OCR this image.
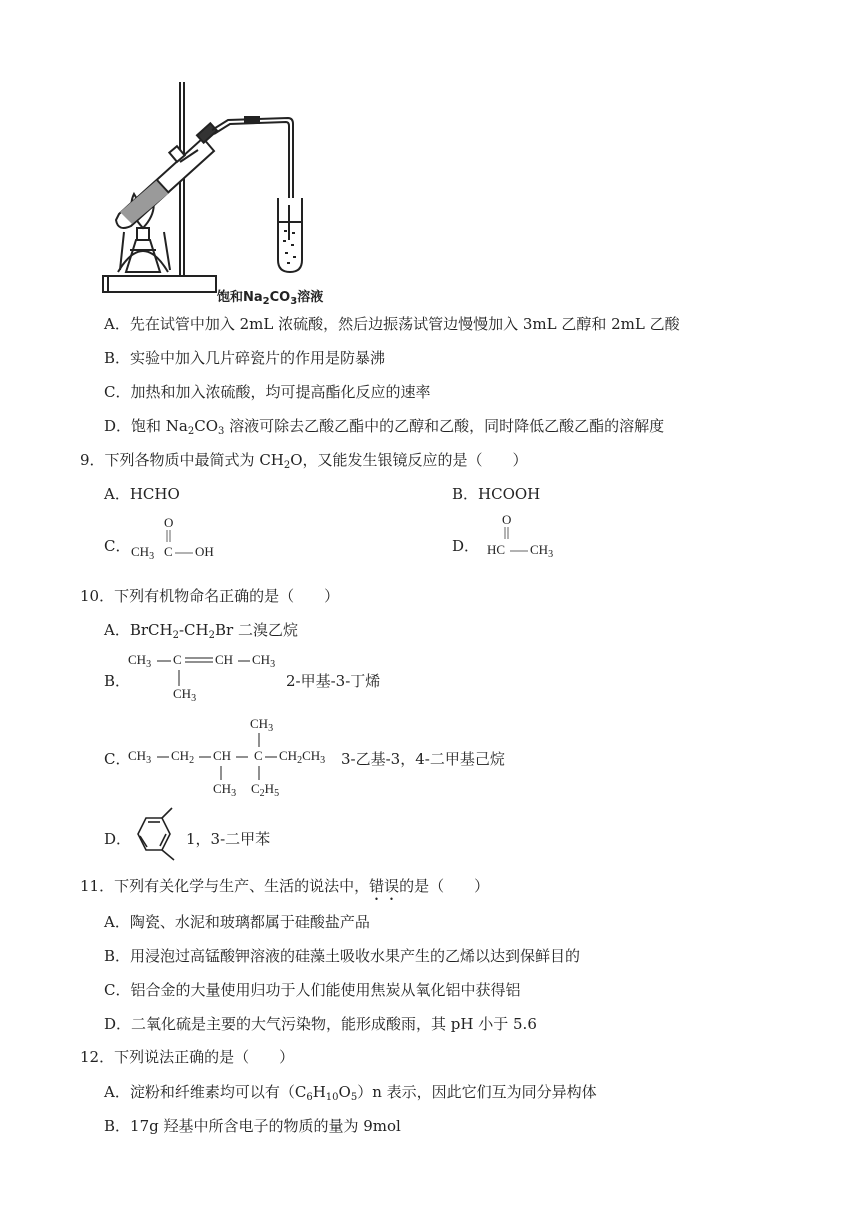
饱和$Na_2CO_3$溶液
A．先在试管中加入 2mL 浓硫酸，然后边振荡试管边慢慢加入 3mL 乙醇和 2mL 乙酸
B．实验中加入几片碎瓷片的作用是防暴沸
C．加热和加入浓硫酸，均可提高酯化反应的速率
D．饱和 $Na_2CO_3$ 溶液可除去乙酸乙酯中的乙醇和乙酸，同时降低乙酸乙酯的溶解度
9．下列各物质中最简式为 $CH_2O$，又能发生银镜反应的是（　　）
A．HCHO	B．HCOOH
C．
O
$CH_3$ C OH	D．
O
HC $CH_3$
10．下列有机物命名正确的是（　　）
A．$BrCH_2-CH_2Br$ 二溴乙烷
B．
$CH_3$ C	CH $CH_3$
$CH_3$
2-甲基-3-丁烯
C．
$CH_3$
$CH_3$ $CH_2$ CH C $CH_2CH_3$
$CH_3$ $C_2H_5$
3-乙基-3，4-二甲基己烷
D．	1，3-二甲苯
11．下列有关化学与生产、生活的说法中，错误的是（　　）
A．陶瓷、水泥和玻璃都属于硅酸盐产品
B．用浸泡过高锰酸钾溶液的硅藻土吸收水果产生的乙烯以达到保鲜目的
C．铝合金的大量使用归功于人们能使用焦炭从氧化铝中获得铝
D．二氧化硫是主要的大气污染物，能形成酸雨，其 pH 小于 5.6
12．下列说法正确的是（　　）
A．淀粉和纤维素均可以有$(C_6H_{10}O_5)n$ 表示，因此它们互为同分异构体
B．17g 羟基中所含电子的物质的量为 9mol
